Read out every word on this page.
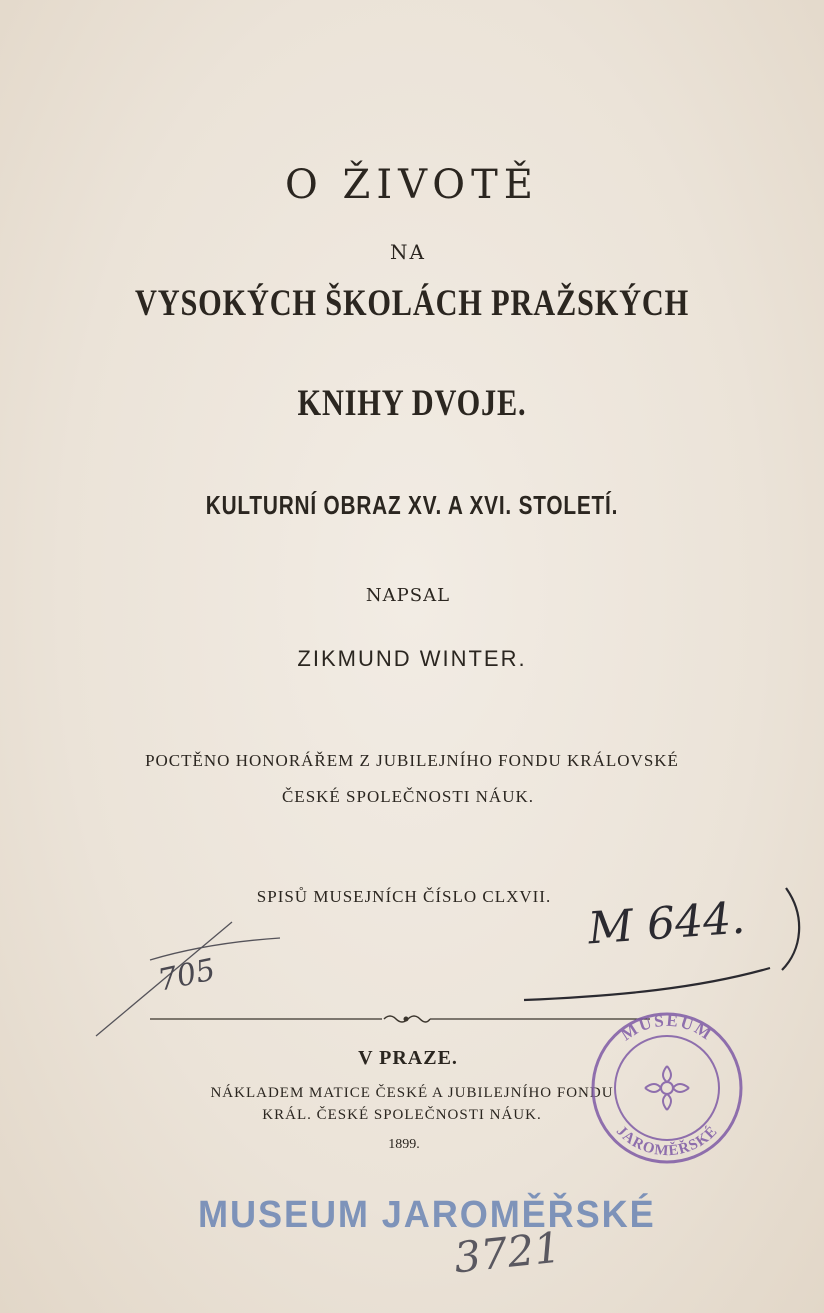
O ŽIVOTĚ
NA
VYSOKÝCH ŠKOLÁCH PRAŽSKÝCH
KNIHY DVOJE.
KULTURNÍ OBRAZ XV. A XVI. STOLETÍ.
NAPSAL
ZIKMUND WINTER.
POCTĚNO HONORÁŘEM Z JUBILEJNÍHO FONDU KRÁLOVSKÉ
ČESKÉ SPOLEČNOSTI NÁUK.
SPISŮ MUSEJNÍCH ČÍSLO CLXVII.
V PRAZE.
NÁKLADEM MATICE ČESKÉ A JUBILEJNÍHO FONDU
KRÁL. ČESKÉ SPOLEČNOSTI NÁUK.
1899.
MUSEUM
JAROMĚŘSKÉ
M 644.
705
3721
MUSEUM JAROMĚŘSKÉ
